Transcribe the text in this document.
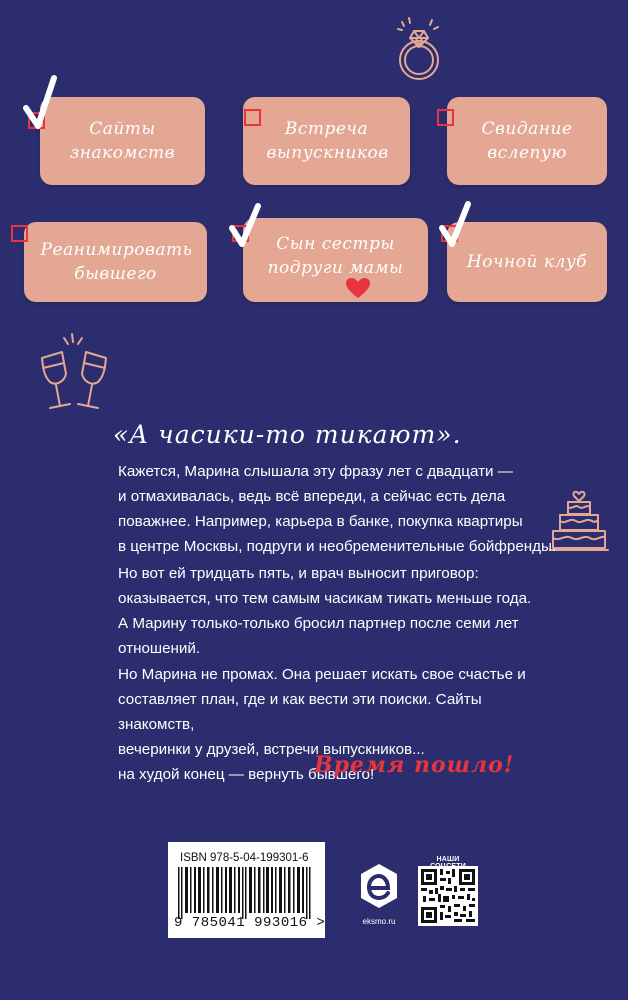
Сайты знакомств
Встреча выпускников
Свидание вслепую
Реанимировать бывшего
Сын сестры подруги мамы	Ночной клуб
«А часики-то тикают».

Кажется, Марина слышала эту фразу лет с двадцати —

и отмахивалась, ведь всё впереди, а сейчас есть дела

поважнее. Например, карьера в банке, покупка квартиры

в центре Москвы, подруги и необременительные бойфренды.

Но вот ей тридцать пять, и врач выносит приговор:

оказывается, что тем самым часикам тикать меньше года.

А Марину только-только бросил партнер после семи лет

отношений.

Но Марина не промах. Она решает искать свое счастье и

составляет план, где и как вести эти поиски. Сайты знакомств,

вечеринки у друзей, встречи выпускников...

на худой конец — вернуть бывшего!

Время пошло!
ISBN 978-5-04-199301-6
9 785041 993016 >	eksmo.ru
НАШИ
